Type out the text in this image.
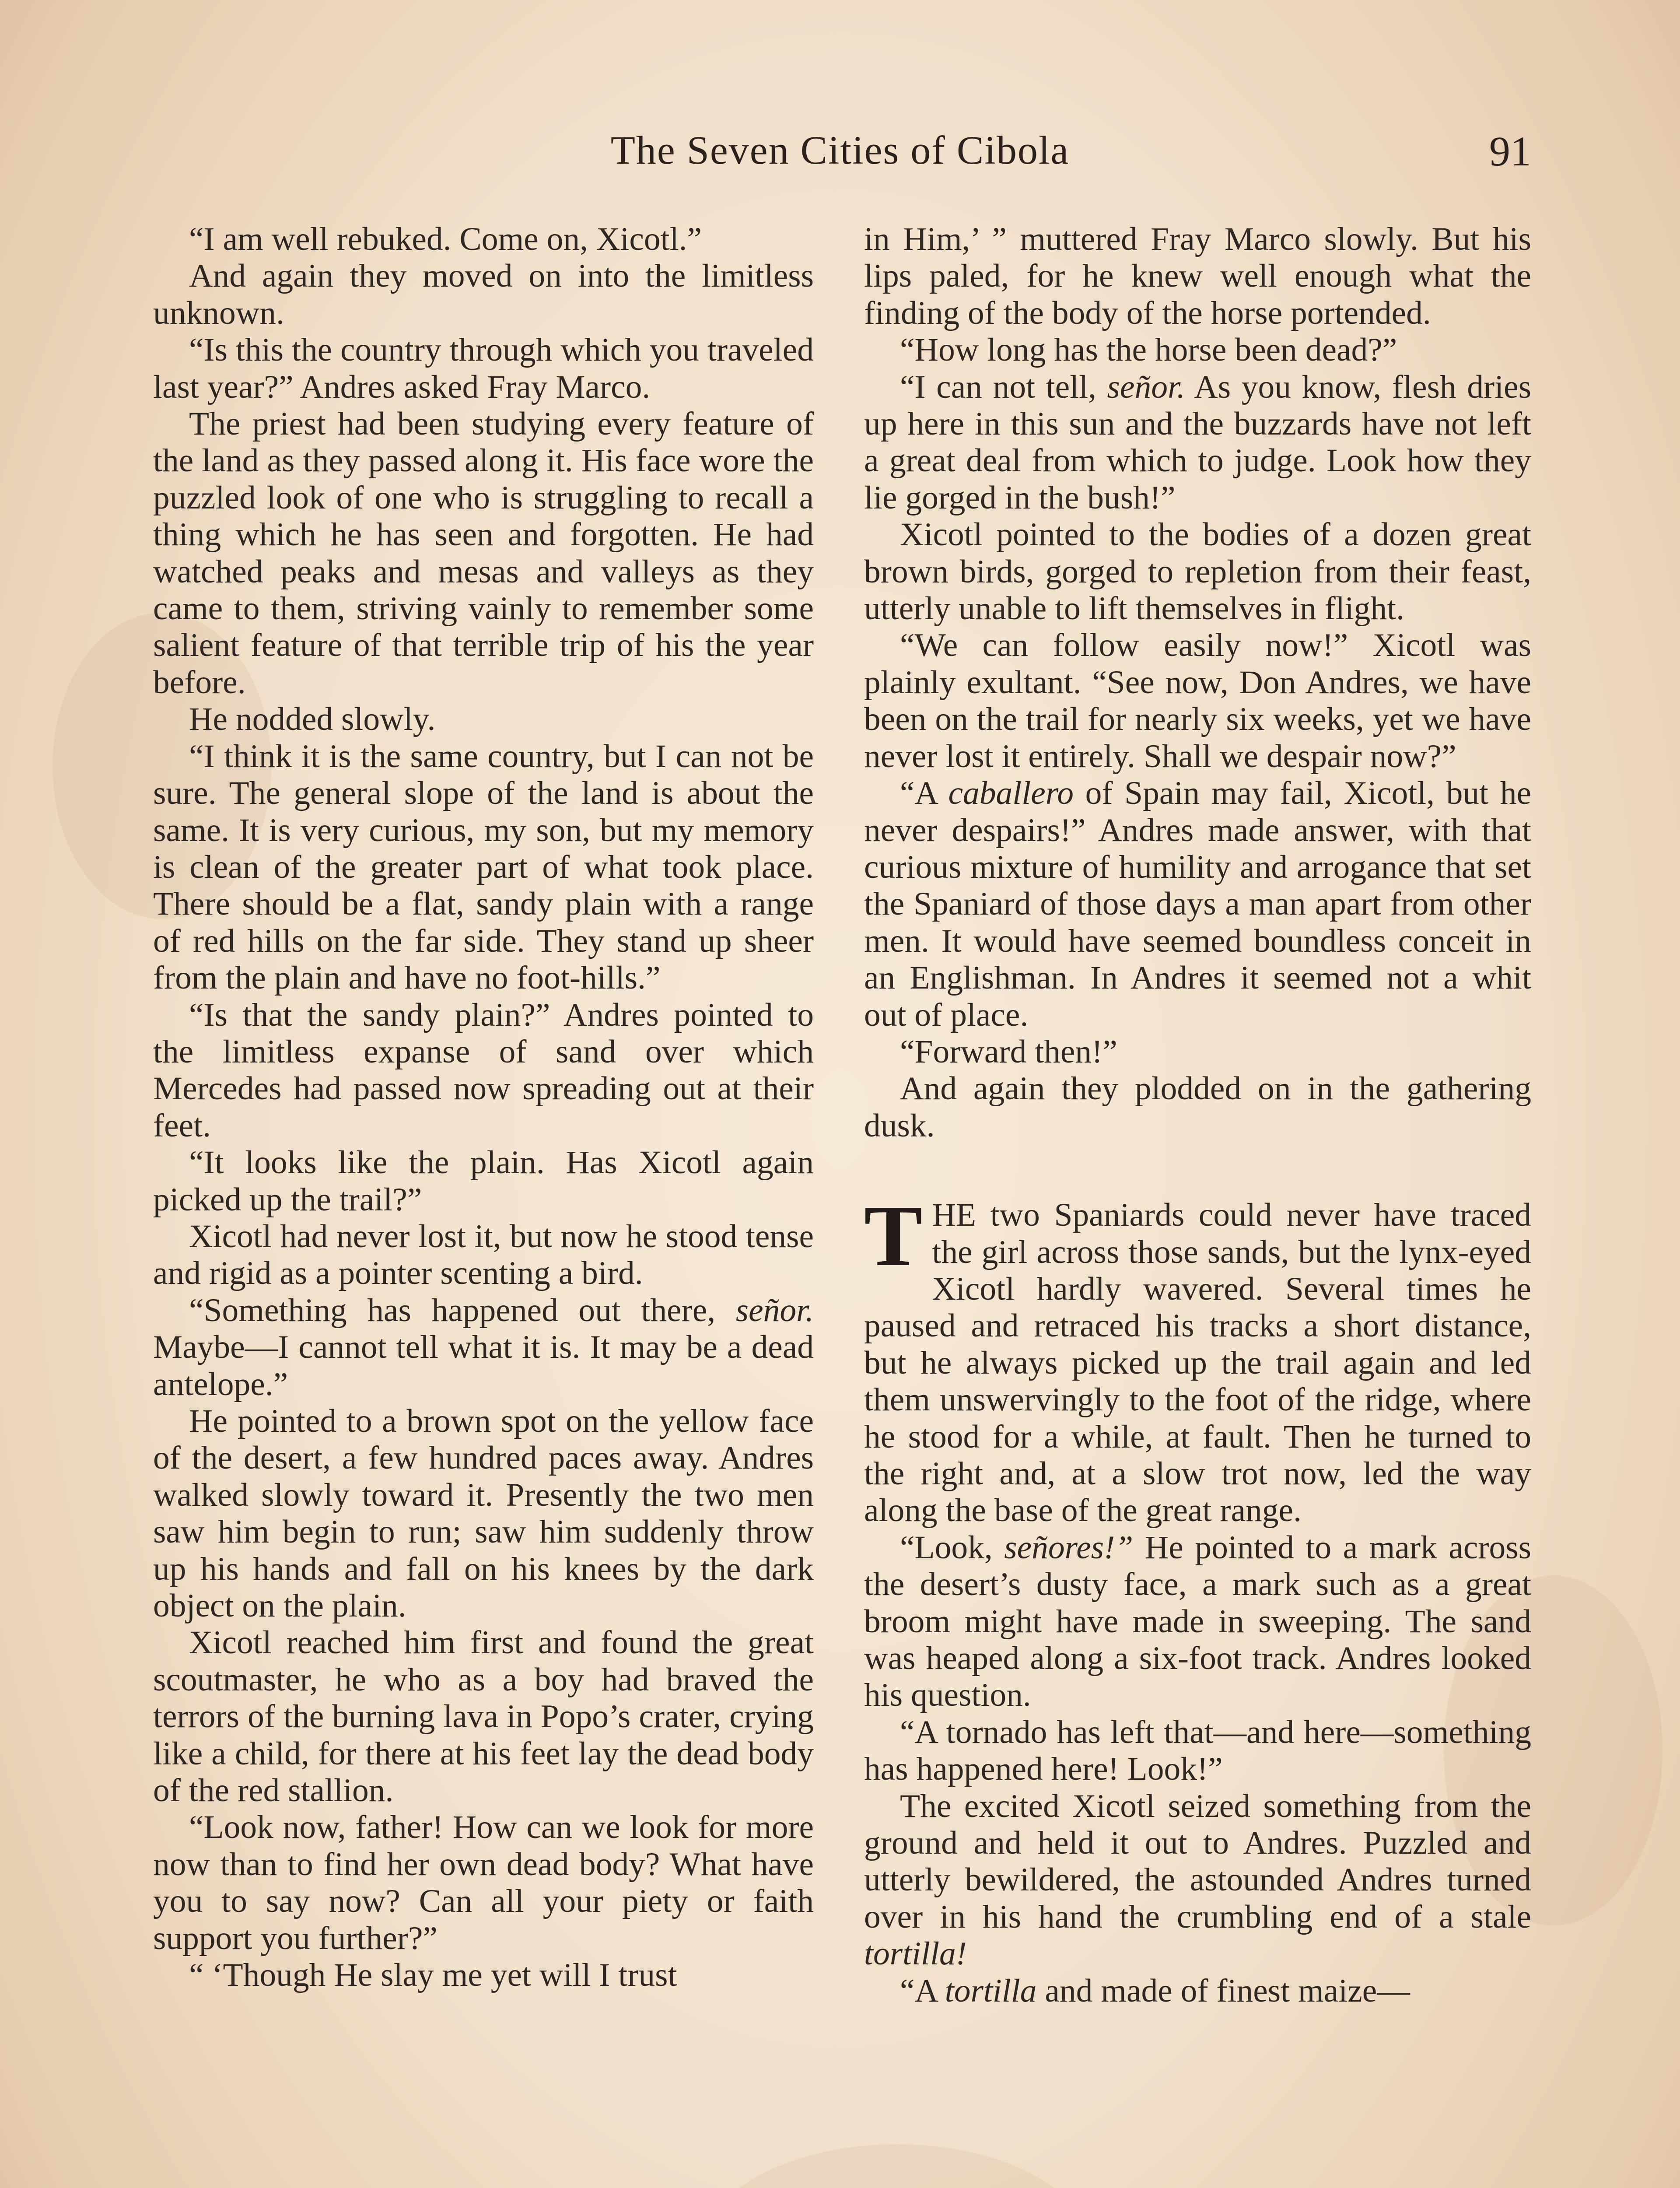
The Seven Cities of Cibola	91

“I am well rebuked. Come on, Xicotl.”

And again they moved on into the limitless unknown.

“Is this the country through which you traveled last year?” Andres asked Fray Marco.

The priest had been studying every feature of the land as they passed along it. His face wore the puzzled look of one who is struggling to recall a thing which he has seen and forgotten. He had watched peaks and mesas and valleys as they came to them, striving vainly to remember some salient feature of that terrible trip of his the year before.

He nodded slowly.

“I think it is the same country, but I can not be sure. The general slope of the land is about the same. It is very curious, my son, but my memory is clean of the greater part of what took place. There should be a flat, sandy plain with a range of red hills on the far side. They stand up sheer from the plain and have no foot-hills.”

“Is that the sandy plain?” Andres pointed to the limitless expanse of sand over which Mercedes had passed now spreading out at their feet.

“It looks like the plain. Has Xicotl again picked up the trail?”

Xicotl had never lost it, but now he stood tense and rigid as a pointer scenting a bird.

“Something has happened out there, señor. Maybe—I cannot tell what it is. It may be a dead antelope.”

He pointed to a brown spot on the yellow face of the desert, a few hundred paces away. Andres walked slowly toward it. Presently the two men saw him begin to run; saw him suddenly throw up his hands and fall on his knees by the dark object on the plain.

Xicotl reached him first and found the great scoutmaster, he who as a boy had braved the terrors of the burning lava in Popo’s crater, crying like a child, for there at his feet lay the dead body of the red stallion.

“Look now, father! How can we look for more now than to find her own dead body? What have you to say now? Can all your piety or faith support you further?”

“ ‘Though He slay me yet will I trust

in Him,’ ” muttered Fray Marco slowly. But his lips paled, for he knew well enough what the finding of the body of the horse portended.

“How long has the horse been dead?”

“I can not tell, señor. As you know, flesh dries up here in this sun and the buzzards have not left a great deal from which to judge. Look how they lie gorged in the bush!”

Xicotl pointed to the bodies of a dozen great brown birds, gorged to repletion from their feast, utterly unable to lift themselves in flight.

“We can follow easily now!” Xicotl was plainly exultant. “See now, Don Andres, we have been on the trail for nearly six weeks, yet we have never lost it entirely. Shall we despair now?”

“A caballero of Spain may fail, Xicotl, but he never despairs!” Andres made answer, with that curious mixture of humility and arrogance that set the Spaniard of those days a man apart from other men. It would have seemed boundless conceit in an Englishman. In Andres it seemed not a whit out of place.

“Forward then!”

And again they plodded on in the gathering dusk.

THE two Spaniards could never have traced the girl across those sands, but the lynx-eyed Xicotl hardly wavered. Several times he paused and retraced his tracks a short distance, but he always picked up the trail again and led them unswervingly to the foot of the ridge, where he stood for a while, at fault. Then he turned to the right and, at a slow trot now, led the way along the base of the great range.

“Look, señores!” He pointed to a mark across the desert’s dusty face, a mark such as a great broom might have made in sweeping. The sand was heaped along a six-foot track. Andres looked his question.

“A tornado has left that—and here—something has happened here! Look!”

The excited Xicotl seized something from the ground and held it out to Andres. Puzzled and utterly bewildered, the astounded Andres turned over in his hand the crumbling end of a stale tortilla!

“A tortilla and made of finest maize—
